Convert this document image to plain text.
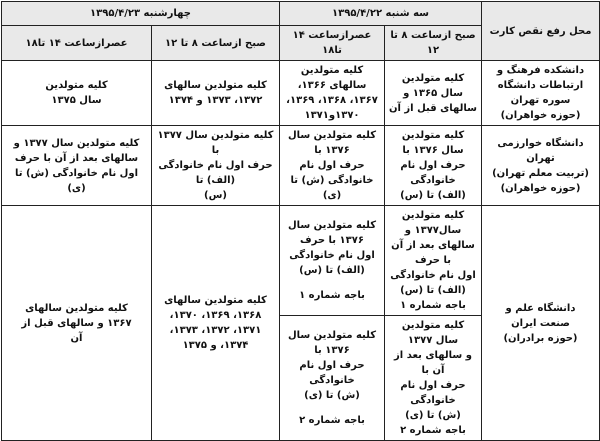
محل رفع نقص کارت	سه شنبه ۱۳۹۵/۴/۲۲		چهارشنبه ۱۳۹۵/۴/۲۳	
	صبح ازساعت ۸ تا ۱۲	عصرازساعت ۱۴ تا۱۸	صبح ازساعت ۸ تا ۱۲	عصرازساعت ۱۴ تا۱۸

دانشکده فرهنگ و
ارتباطات دانشگاه سوره تهران
(حوزه خواهران)	کلیه متولدین سال ۱۳۶۵ و
سالهای قبل از آن	کلیه متولدین سالهای ۱۳۶۶،
۱۳۶۷، ۱۳۶۸، ۱۳۶۹،
۱۳۷۰و۱۳۷۱	کلیه متولدین سالهای
۱۳۷۲، ۱۳۷۳ و ۱۳۷۴	کلیه متولدین
سال ۱۳۷۵

دانشگاه خوارزمی تهران
(تربیت معلم تهران)
(حوزه خواهران)	کلیه متولدین سال ۱۳۷۶ با
حرف اول نام خانوادگی
(الف) تا (س)	کلیه متولدین سال ۱۳۷۶ با
حرف اول نام خانوادگی (ش) تا
(ی)	کلیه متولدین سال ۱۳۷۷ با
حرف اول نام خانوادگی (الف) تا
(س)	کلیه متولدین سال ۱۳۷۷ و
سالهای بعد از آن با حرف
اول نام خانوادگی (ش) تا
(ی)

دانشگاه علم و
صنعت ایران
(حوزه برادران)	کلیه متولدین سال۱۳۷۷ و
سالهای بعد از آن با حرف
اول نام خانوادگی
(الف) تا (س)
باجه شماره ۱	کلیه متولدین سال ۱۳۷۶ با حرف
اول نام خانوادگی (الف) تا (س)
باجه شماره ۱	کلیه متولدین سالهای
۱۳۶۸، ۱۳۶۹، ۱۳۷۰،
۱۳۷۱، ۱۳۷۲، ۱۳۷۳،
۱۳۷۴، و ۱۳۷۵	کلیه متولدین سالهای
۱۳۶۷ و سالهای قبل از
آن

	کلیه متولدین سال ۱۳۷۷
و سالهای بعد از آن با
حرف اول نام خانوادگی
(ش) تا (ی)
باجه شماره ۲	کلیه متولدین سال ۱۳۷۶ با
حرف اول نام خانوادگی
(ش) تا (ی)
باجه شماره ۲		
